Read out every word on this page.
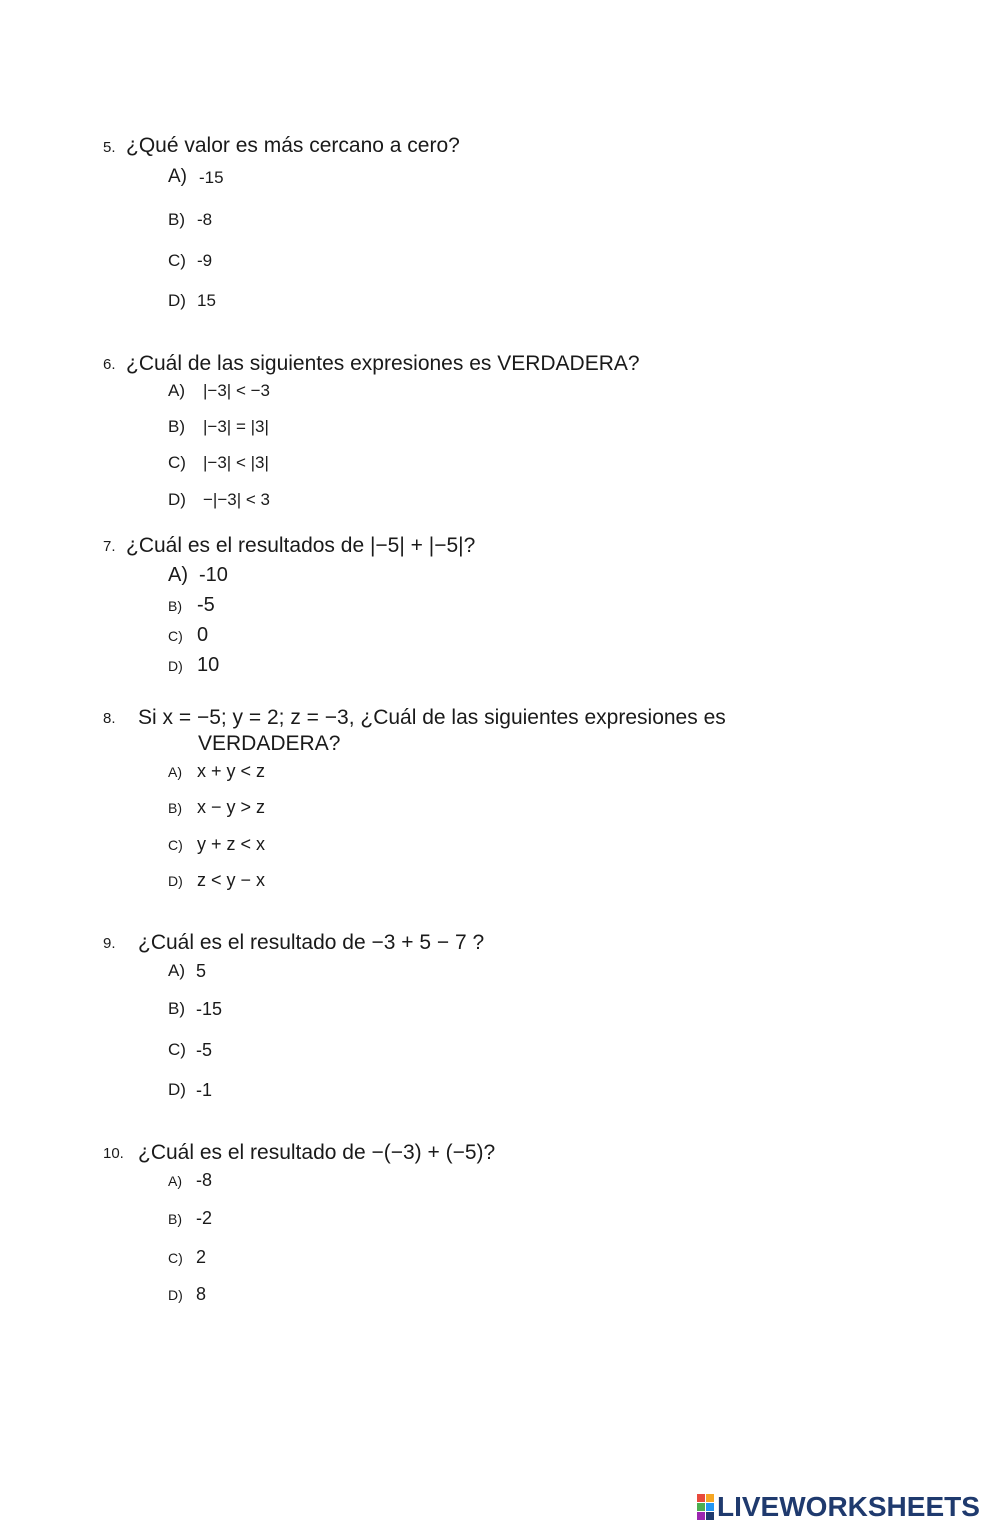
5. ¿Qué valor es más cercano a cero?
A) -15
B) -8
C) -9
D) 15
6. ¿Cuál de las siguientes expresiones es VERDADERA?
A) |−3| < −3
B) |−3| = |3|
C) |−3| < |3|
D) −|−3| < 3
7. ¿Cuál es el resultados de |−5| + |−5|?
A) -10
B) -5
C) 0
D) 10
8. Si x = −5; y = 2; z = −3, ¿Cuál de las siguientes expresiones es
VERDADERA?
A) x + y < z
B) x − y > z
C) y + z < x
D) z < y − x
9. ¿Cuál es el resultado de −3 + 5 − 7 ?
A) 5
B) -15
C) -5
D) -1
10. ¿Cuál es el resultado de −(−3) + (−5)?
A) -8
B) -2
C) 2
D) 8
LIVEWORKSHEETS
